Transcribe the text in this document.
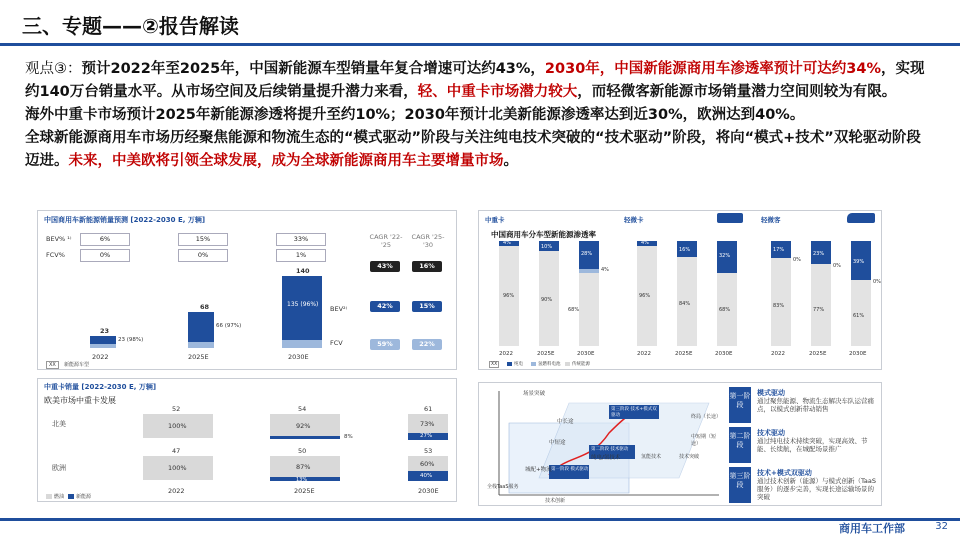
三、专题——②报告解读
观点③：预计2022年至2025年，中国新能源车型销量年复合增速可达约43%，2030年，中国新能源商用车渗透率预计可达约34%，实现约140万台销量水平。从市场空间及后续销量提升潜力来看，轻、中重卡市场潜力较大，而轻微客新能源市场销量潜力空间则较为有限。
海外中重卡市场预计2025年新能源渗透将提升至约10%；2030年预计北美新能源渗透率达到近30%，欧洲达到40%。
全球新能源商用车市场历经聚焦能源和物流生态的“模式驱动”阶段与关注纯电技术突破的“技术驱动”阶段，将向“模式+技术”双轮驱动阶段迈进。未来，中美欧将引领全球发展，成为全球新能源商用车主要增量市场。
中国商用车新能源销量预测 [2022-2030 E, 万辆]
BEV% ¹⁾
FCV%
6%	15%	33%
0%	0%	1%
CAGR '22-'25
CAGR '25-'30
43%	16%
42%	15%
59%	22%
23
23 (98%)
68
66 (97%)
140
135 (96%)
BEV²⁾
FCV
2022	2025E	2030E
XX	新能源车型
中重卡销量 [2022-2030 E, 万辆]
欧美市场中重卡发展
北美
欧洲
52
100%
54
92%
8%
61
73%
27%
47
100%
50
87%
13%
53
60%
40%
2022	2025E	2030E
燃油 新能源
中重卡	轻微卡	轻微客
中国商用车分车型新能源渗透率
4%
96%
10%
90%
28%
4%
68%
4%
96%
16%
84%
32%
68%
17%
0%
83%
23%
0%
77%
39%
0%
61%
2022	2025E	2030E	2022	2025E	2030E	2022	2025E	2030E
XX	纯电	氢燃料电池	传统能源
场景突破
中长途
中短途
城配+物流
纯电/氢技术
全栈TaaS服务
技术创新
终局（长途）
中短期（短途）
氢能技术	技术突破
第三阶段 技术+模式双驱动
第二阶段 技术驱动
第一阶段 模式驱动
第一阶段
模式驱动
通过聚焦能源、物流生态解决车队运营痛点，以模式创新带动销售
第二阶段
技术驱动
通过纯电技术持续突破，实现高效、节能、长续航，在城配场景推广
第三阶段
技术+模式双驱动
通过技术创新（能源）与模式创新（TaaS服务）的逐步完善，实现长途运输场景的突破
商用车工作部	32
